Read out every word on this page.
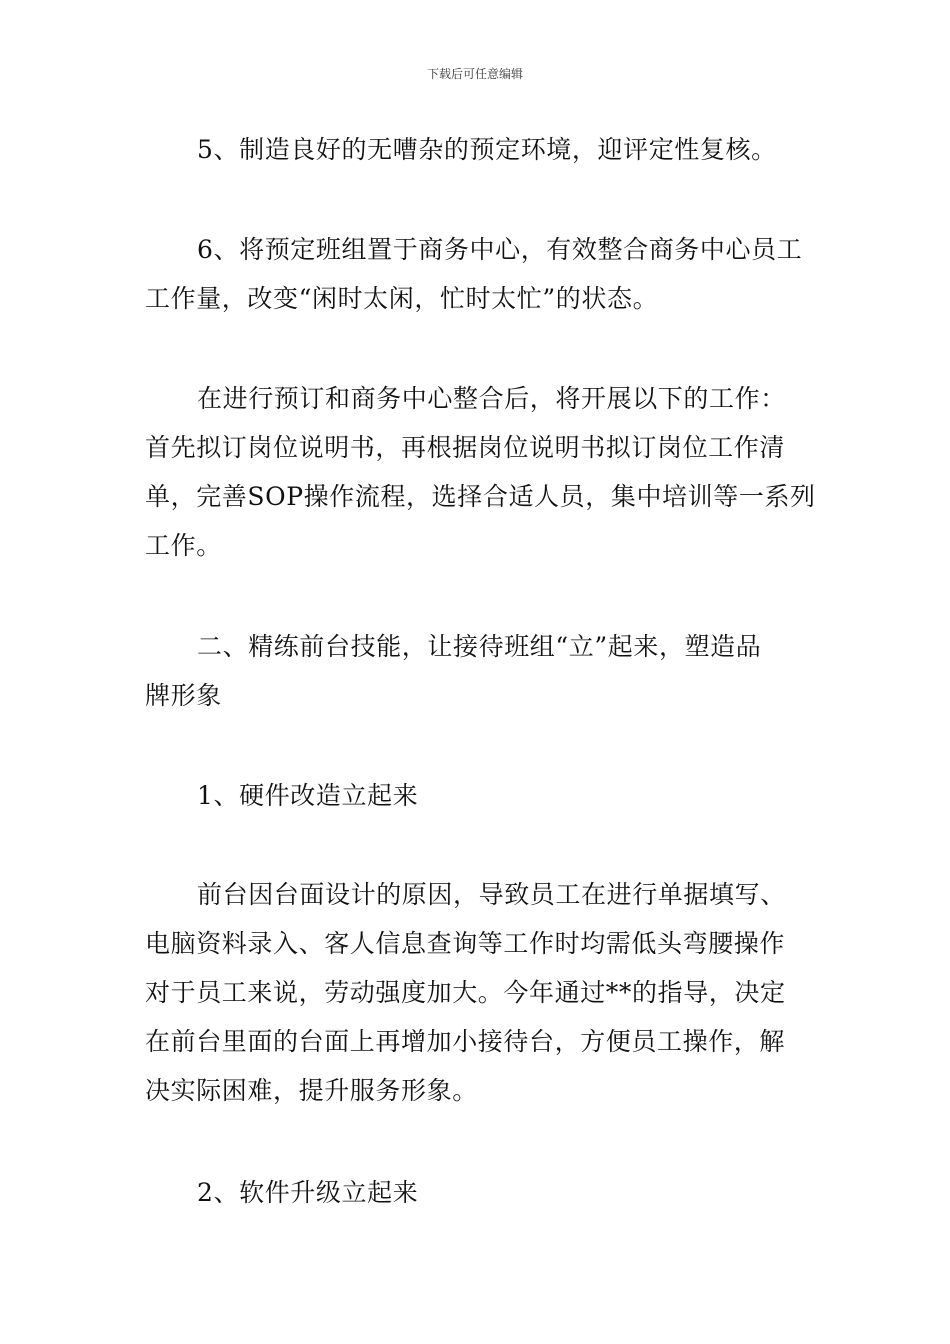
下载后可任意编辑
5、制造良好的无嘈杂的预定环境，迎评定性复核。
6、将预定班组置于商务中心，有效整合商务中心员工
工作量，改变“闲时太闲，忙时太忙”的状态。
在进行预订和商务中心整合后，将开展以下的工作：
首先拟订岗位说明书，再根据岗位说明书拟订岗位工作清
单，完善SOP操作流程，选择合适人员，集中培训等一系列
工作。
二、精练前台技能，让接待班组“立”起来，塑造品
牌形象
1、硬件改造立起来
前台因台面设计的原因，导致员工在进行单据填写、
电脑资料录入、客人信息查询等工作时均需低头弯腰操作
对于员工来说，劳动强度加大。今年通过**的指导，决定
在前台里面的台面上再增加小接待台，方便员工操作，解
决实际困难，提升服务形象。
2、软件升级立起来
